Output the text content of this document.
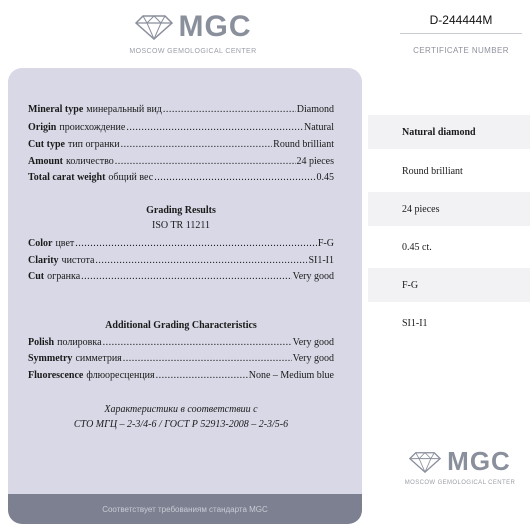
MGC
MOSCOW GEMOLOGICAL CENTER
D-244444M
CERTIFICATE NUMBER
Соответствует требованиям стандарта MGC
Mineral type минеральный вид .....	Diamond
Origin происхождение .....	Natural
Cut type тип огранки .....	Round brilliant
Amount количество .....	24 pieces
Total carat weight общий вес .....	0.45
Grading Results
ISO TR 11211
Color цвет .....	F-G
Clarity чистота .....	SI1-I1
Cut огранка .....	Very good
Additional Grading Characteristics
Polish полировка .....	Very good
Symmetry симметрия .....	Very good
Fluorescence флюоресценция .....	None – Medium blue
Характеристики в соответствии с
СТО МГЦ – 2-3/4-6 / ГОСТ Р 52913-2008 – 2-3/5-6
Natural diamond
Round brilliant
24 pieces
0.45 ct.
F-G
SI1-I1
MGC
MOSCOW GEMOLOGICAL CENTER
